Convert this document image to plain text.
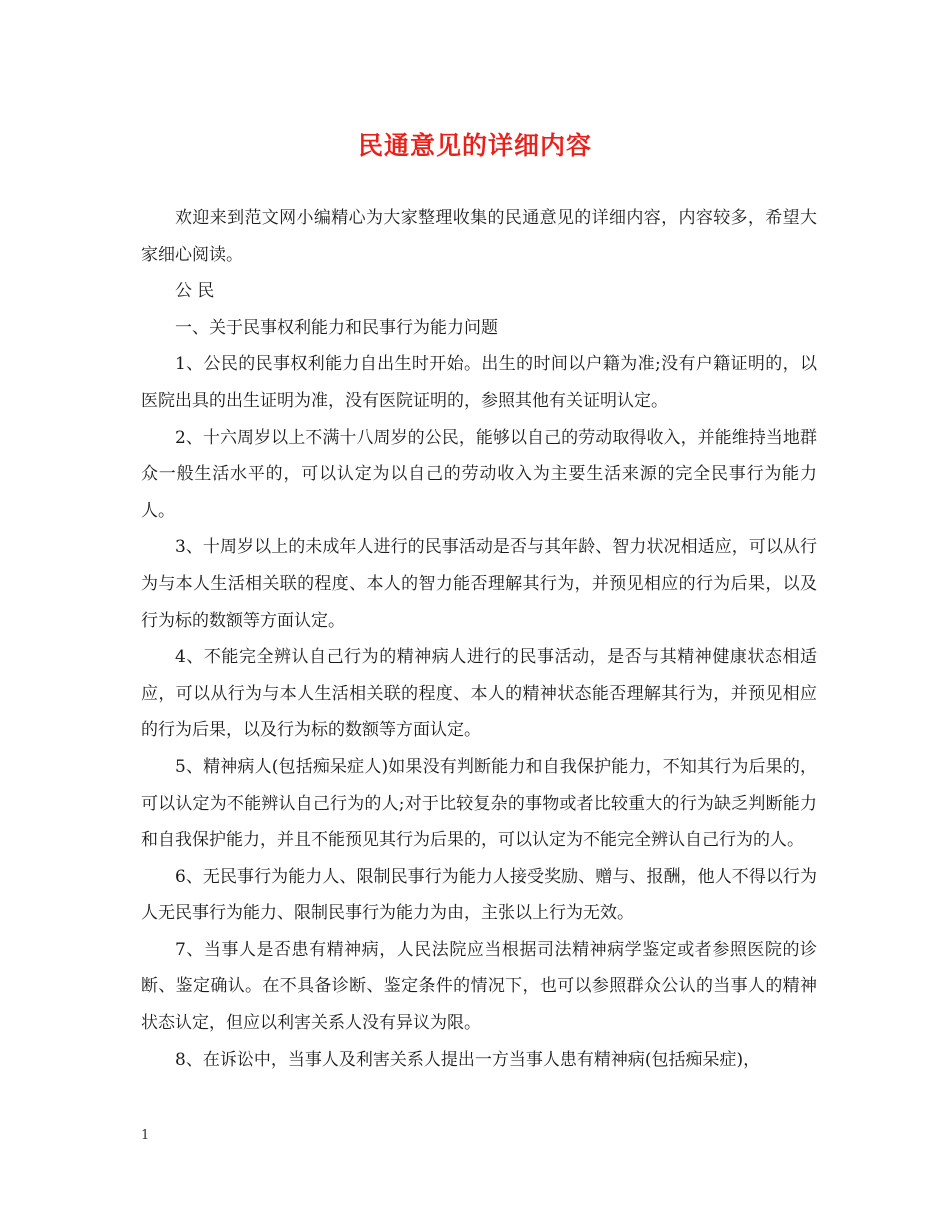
民通意见的详细内容

欢迎来到范文网小编精心为大家整理收集的民通意见的详细内容，内容较多，希望大家细心阅读。

公 民

一、关于民事权利能力和民事行为能力问题

1、公民的民事权利能力自出生时开始。出生的时间以户籍为准;没有户籍证明的，以医院出具的出生证明为准，没有医院证明的，参照其他有关证明认定。

2、十六周岁以上不满十八周岁的公民，能够以自己的劳动取得收入，并能维持当地群众一般生活水平的，可以认定为以自己的劳动收入为主要生活来源的完全民事行为能力人。

3、十周岁以上的未成年人进行的民事活动是否与其年龄、智力状况相适应，可以从行为与本人生活相关联的程度、本人的智力能否理解其行为，并预见相应的行为后果，以及行为标的数额等方面认定。

4、不能完全辨认自己行为的精神病人进行的民事活动，是否与其精神健康状态相适应，可以从行为与本人生活相关联的程度、本人的精神状态能否理解其行为，并预见相应的行为后果，以及行为标的数额等方面认定。

5、精神病人(包括痴呆症人)如果没有判断能力和自我保护能力，不知其行为后果的，可以认定为不能辨认自己行为的人;对于比较复杂的事物或者比较重大的行为缺乏判断能力和自我保护能力，并且不能预见其行为后果的，可以认定为不能完全辨认自己行为的人。

6、无民事行为能力人、限制民事行为能力人接受奖励、赠与、报酬，他人不得以行为人无民事行为能力、限制民事行为能力为由，主张以上行为无效。

7、当事人是否患有精神病，人民法院应当根据司法精神病学鉴定或者参照医院的诊断、鉴定确认。在不具备诊断、鉴定条件的情况下，也可以参照群众公认的当事人的精神状态认定，但应以利害关系人没有异议为限。

8、在诉讼中，当事人及利害关系人提出一方当事人患有精神病(包括痴呆症)，

1
